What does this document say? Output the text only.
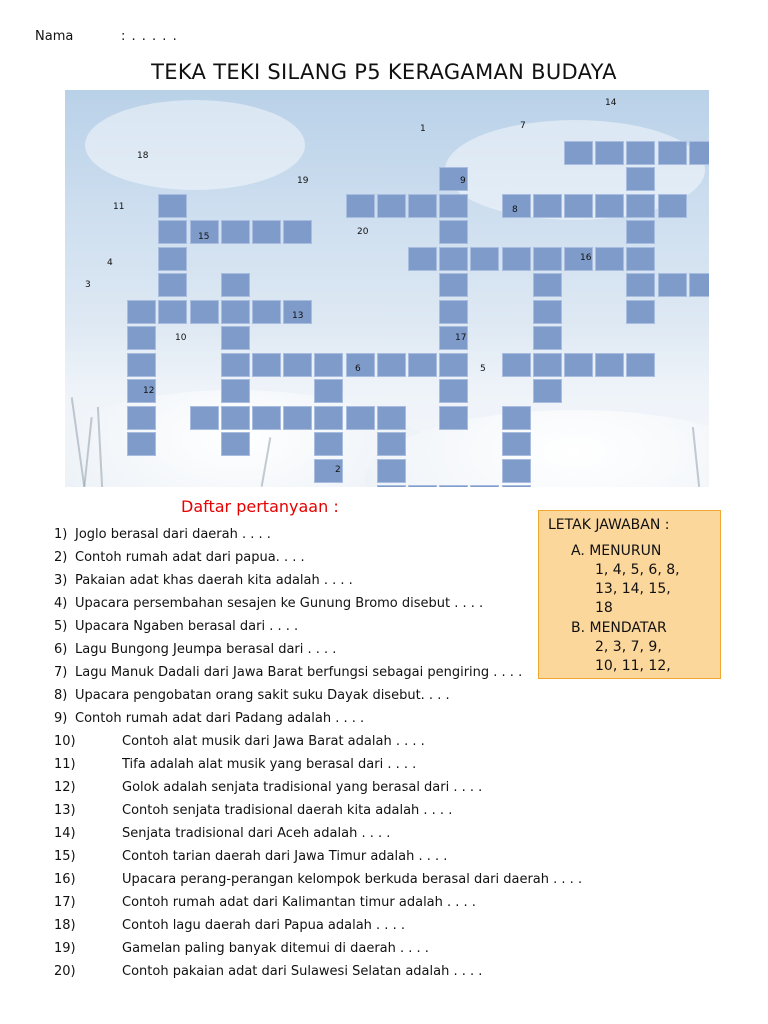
Nama	: . . . . .
TEKA TEKI SILANG P5 KERAGAMAN BUDAYA
1
2
3
4
5
6
7
8
9
10
11
12
13
14
15
16
17
18
19
20
Daftar pertanyaan :
1) Joglo berasal dari daerah . . . .
2) Contoh rumah adat dari papua. . . .
3) Pakaian adat khas daerah kita adalah . . . .
4) Upacara persembahan sesajen ke Gunung Bromo disebut . . . .
5) Upacara Ngaben berasal dari . . . .
6) Lagu Bungong Jeumpa berasal dari . . . .
7) Lagu Manuk Dadali dari Jawa Barat berfungsi sebagai pengiring . . . .
8) Upacara pengobatan orang sakit suku Dayak disebut. . . .
9) Contoh rumah adat dari Padang adalah . . . .
10)	Contoh alat musik dari Jawa Barat adalah . . . .
11)	Tifa adalah alat musik yang berasal dari . . . .
12)	Golok adalah senjata tradisional yang berasal dari . . . .
13)	Contoh senjata tradisional daerah kita adalah . . . .
14)	Senjata tradisional dari Aceh adalah . . . .
15)	Contoh tarian daerah dari Jawa Timur adalah . . . .
16)	Upacara perang-perangan kelompok berkuda berasal dari daerah . . . .
17)	Contoh rumah adat dari Kalimantan timur adalah . . . .
18)	Contoh lagu daerah dari Papua adalah . . . .
19)	Gamelan paling banyak ditemui di daerah . . . .
20)	Contoh pakaian adat dari Sulawesi Selatan adalah . . . .
LETAK JAWABAN :
A. MENURUN
1, 4, 5, 6, 8,
13, 14, 15,
18
B. MENDATAR
2, 3, 7, 9,
10, 11, 12,
